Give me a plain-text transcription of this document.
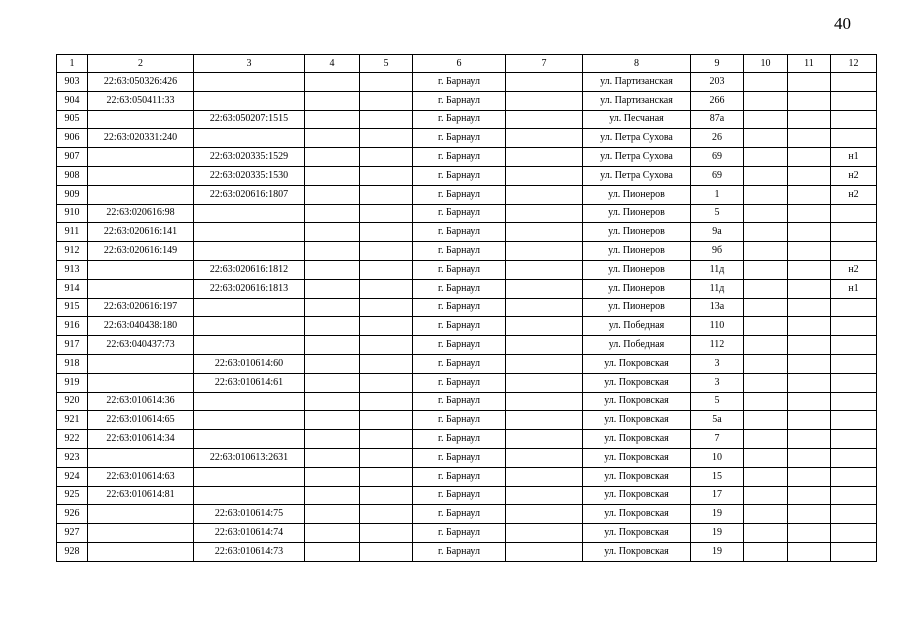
40
1	2	3	4	5	6	7	8	9	10	11	12
903	22:63:050326:426				г. Барнаул		ул. Партизанская	203			
904	22:63:050411:33				г. Барнаул		ул. Партизанская	266			
905		22:63:050207:1515			г. Барнаул		ул. Песчаная	87а			
906	22:63:020331:240				г. Барнаул		ул. Петра Сухова	26			
907		22:63:020335:1529			г. Барнаул		ул. Петра Сухова	69			н1
908		22:63:020335:1530			г. Барнаул		ул. Петра Сухова	69			н2
909		22:63:020616:1807			г. Барнаул		ул. Пионеров	1			н2
910	22:63:020616:98				г. Барнаул		ул. Пионеров	5			
911	22:63:020616:141				г. Барнаул		ул. Пионеров	9а			
912	22:63:020616:149				г. Барнаул		ул. Пионеров	9б			
913		22:63:020616:1812			г. Барнаул		ул. Пионеров	11д			н2
914		22:63:020616:1813			г. Барнаул		ул. Пионеров	11д			н1
915	22:63:020616:197				г. Барнаул		ул. Пионеров	13а			
916	22:63:040438:180				г. Барнаул		ул. Победная	110			
917	22:63:040437:73				г. Барнаул		ул. Победная	112			
918		22:63:010614:60			г. Барнаул		ул. Покровская	3			
919		22:63:010614:61			г. Барнаул		ул. Покровская	3			
920	22:63:010614:36				г. Барнаул		ул. Покровская	5			
921	22:63:010614:65				г. Барнаул		ул. Покровская	5а			
922	22:63:010614:34				г. Барнаул		ул. Покровская	7			
923		22:63:010613:2631			г. Барнаул		ул. Покровская	10			
924	22:63:010614:63				г. Барнаул		ул. Покровская	15			
925	22:63:010614:81				г. Барнаул		ул. Покровская	17			
926		22:63:010614:75			г. Барнаул		ул. Покровская	19			
927		22:63:010614:74			г. Барнаул		ул. Покровская	19			
928		22:63:010614:73			г. Барнаул		ул. Покровская	19			
